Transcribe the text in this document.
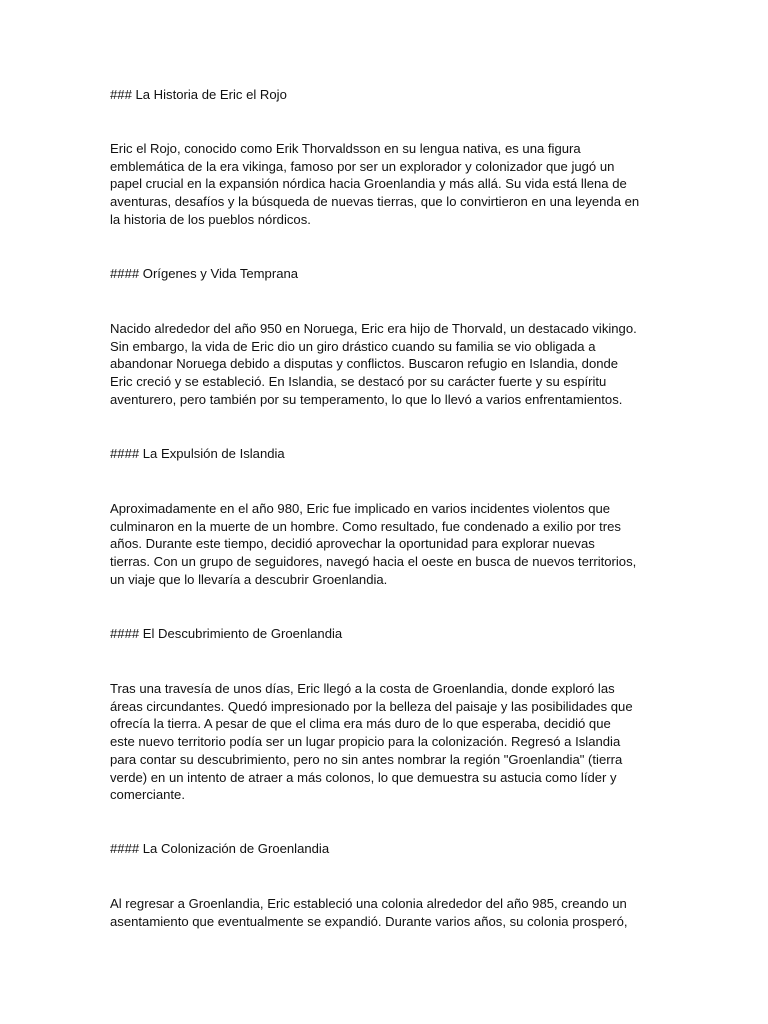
### La Historia de Eric el Rojo

Eric el Rojo, conocido como Erik Thorvaldsson en su lengua nativa, es una figura
emblemática de la era vikinga, famoso por ser un explorador y colonizador que jugó un
papel crucial en la expansión nórdica hacia Groenlandia y más allá. Su vida está llena de
aventuras, desafíos y la búsqueda de nuevas tierras, que lo convirtieron en una leyenda en
la historia de los pueblos nórdicos.

#### Orígenes y Vida Temprana

Nacido alrededor del año 950 en Noruega, Eric era hijo de Thorvald, un destacado vikingo.
Sin embargo, la vida de Eric dio un giro drástico cuando su familia se vio obligada a
abandonar Noruega debido a disputas y conflictos. Buscaron refugio en Islandia, donde
Eric creció y se estableció. En Islandia, se destacó por su carácter fuerte y su espíritu
aventurero, pero también por su temperamento, lo que lo llevó a varios enfrentamientos.

#### La Expulsión de Islandia

Aproximadamente en el año 980, Eric fue implicado en varios incidentes violentos que
culminaron en la muerte de un hombre. Como resultado, fue condenado a exilio por tres
años. Durante este tiempo, decidió aprovechar la oportunidad para explorar nuevas
tierras. Con un grupo de seguidores, navegó hacia el oeste en busca de nuevos territorios,
un viaje que lo llevaría a descubrir Groenlandia.

#### El Descubrimiento de Groenlandia

Tras una travesía de unos días, Eric llegó a la costa de Groenlandia, donde exploró las
áreas circundantes. Quedó impresionado por la belleza del paisaje y las posibilidades que
ofrecía la tierra. A pesar de que el clima era más duro de lo que esperaba, decidió que
este nuevo territorio podía ser un lugar propicio para la colonización. Regresó a Islandia
para contar su descubrimiento, pero no sin antes nombrar la región "Groenlandia" (tierra
verde) en un intento de atraer a más colonos, lo que demuestra su astucia como líder y
comerciante.

#### La Colonización de Groenlandia

Al regresar a Groenlandia, Eric estableció una colonia alrededor del año 985, creando un
asentamiento que eventualmente se expandió. Durante varios años, su colonia prosperó,
